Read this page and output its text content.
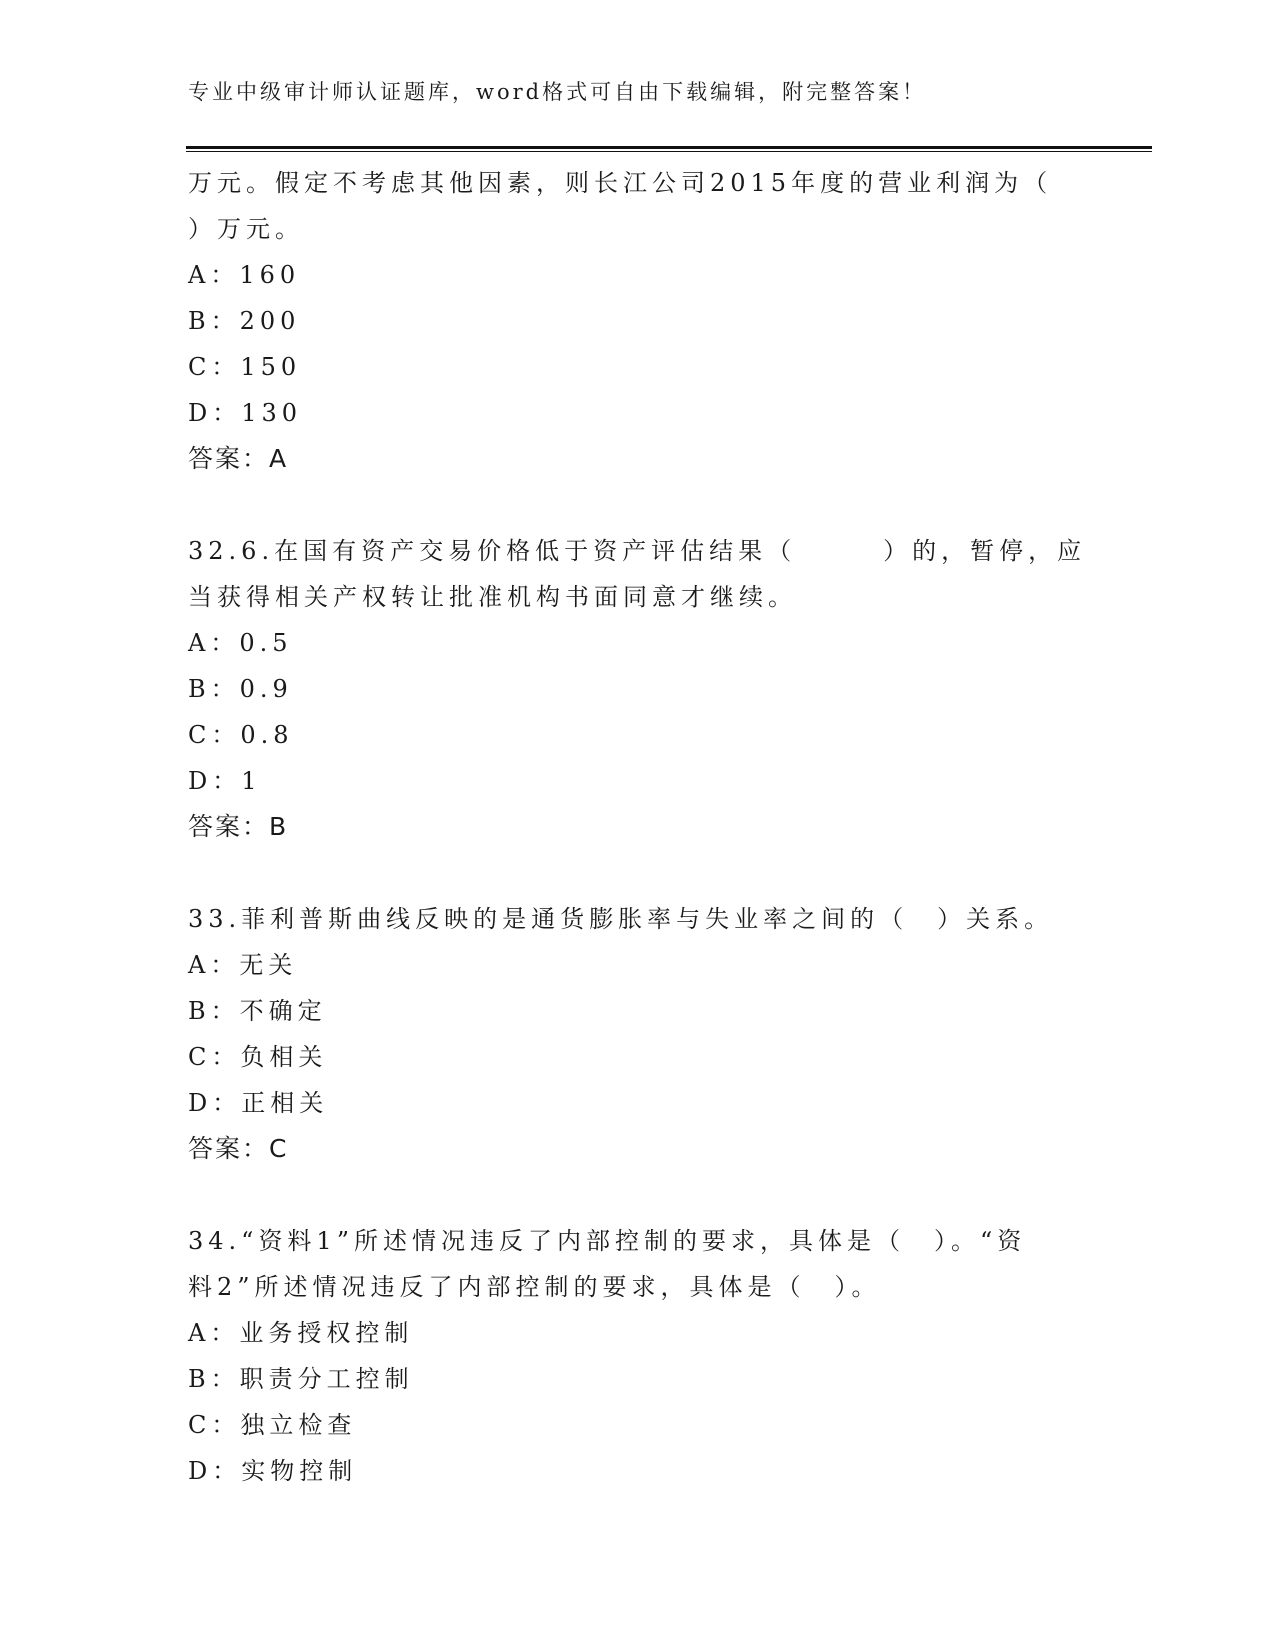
专业中级审计师认证题库，word格式可自由下载编辑，附完整答案！
万元。假定不考虑其他因素，则长江公司2015年度的营业利润为（
）万元。
A：160
B：200
C：150
D：130
答案：A
32.6.在国有资产交易价格低于资产评估结果（　　　）的，暂停，应
当获得相关产权转让批准机构书面同意才继续。
A：0.5
B：0.9
C：0.8
D：1
答案：B
33.菲利普斯曲线反映的是通货膨胀率与失业率之间的（　）关系。
A：无关
B：不确定
C：负相关
D：正相关
答案：C
34.“资料1”所述情况违反了内部控制的要求，具体是（　）。“资
料2”所述情况违反了内部控制的要求，具体是（　）。
A：业务授权控制
B：职责分工控制
C：独立检查
D：实物控制
